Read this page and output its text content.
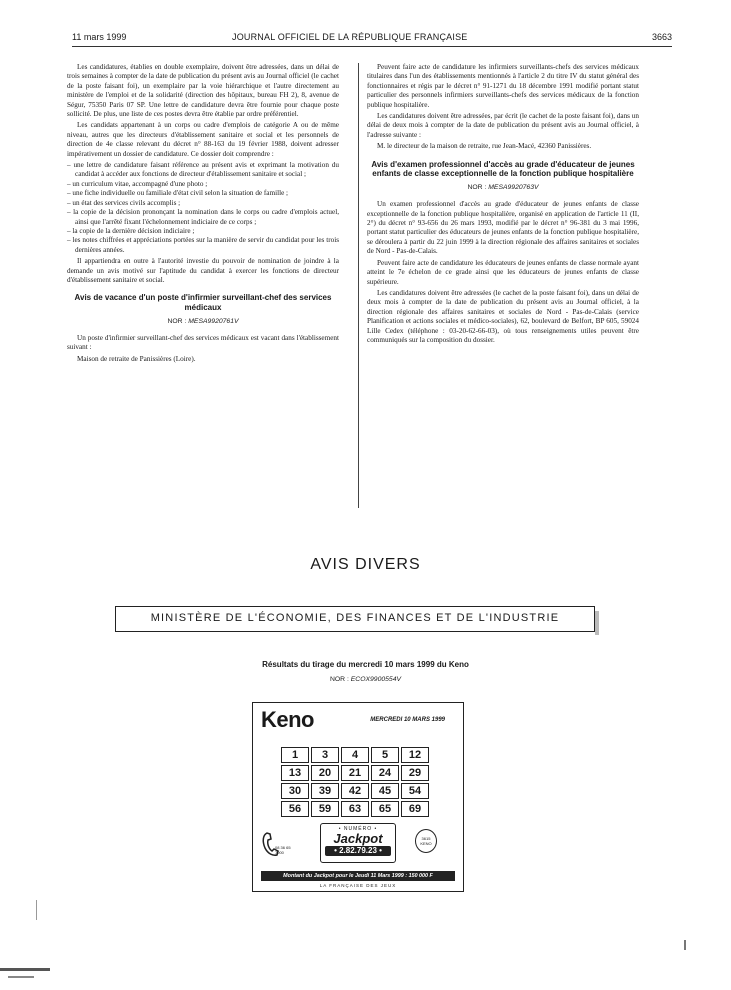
11 mars 1999	JOURNAL OFFICIEL DE LA RÉPUBLIQUE FRANÇAISE	3663

Les candidatures, établies en double exemplaire, doivent être adressées, dans un délai de trois semaines à compter de la date de publication du présent avis au Journal officiel (le cachet de la poste faisant foi), un exemplaire par la voie hiérarchique et l'autre directement au ministère de l'emploi et de la solidarité (direction des hôpitaux, bureau FH 2), 8, avenue de Ségur, 75350 Paris 07 SP. Une lettre de candidature devra être fournie pour chaque poste sollicité. De plus, une liste de ces postes devra être établie par ordre préférentiel.

Les candidats appartenant à un corps ou cadre d'emplois de catégorie A ou de même niveau, autres que les directeurs d'établissement sanitaire et social et les personnels de direction de 4e classe relevant du décret n° 88-163 du 19 février 1988, doivent adresser impérativement un dossier de candidature. Ce dossier doit comprendre :

– une lettre de candidature faisant référence au présent avis et exprimant la motivation du candidat à accéder aux fonctions de directeur d'établissement sanitaire et social ;
– un curriculum vitae, accompagné d'une photo ;
– une fiche individuelle ou familiale d'état civil selon la situation de famille ;
– un état des services civils accomplis ;
– la copie de la décision prononçant la nomination dans le corps ou cadre d'emplois actuel, ainsi que l'arrêté fixant l'échelonnement indiciaire de ce corps ;
– la copie de la dernière décision indiciaire ;
– les notes chiffrées et appréciations portées sur la manière de servir du candidat pour les trois dernières années.

Il appartiendra en outre à l'autorité investie du pouvoir de nomination de joindre à la demande un avis motivé sur l'aptitude du candidat à exercer les fonctions de directeur d'établissement sanitaire et social.

Avis de vacance d'un poste d'infirmier surveillant-chef des services médicaux
NOR : MESA9920761V

Un poste d'infirmier surveillant-chef des services médicaux est vacant dans l'établissement suivant :

Maison de retraite de Panissières (Loire).

Peuvent faire acte de candidature les infirmiers surveillants-chefs des services médicaux titulaires dans l'un des établissements mentionnés à l'article 2 du titre IV du statut général des fonctionnaires et régis par le décret n° 91-1271 du 18 décembre 1991 modifié portant statut particulier des personnels infirmiers surveillants-chefs des services médicaux de la fonction publique hospitalière.

Les candidatures doivent être adressées, par écrit (le cachet de la poste faisant foi), dans un délai de deux mois à compter de la date de publication du présent avis au Journal officiel, à l'adresse suivante :

M. le directeur de la maison de retraite, rue Jean-Macé, 42360 Panissières.

Avis d'examen professionnel d'accès au grade d'éducateur de jeunes enfants de classe exceptionnelle de la fonction publique hospitalière
NOR : MESA9920763V

Un examen professionnel d'accès au grade d'éducateur de jeunes enfants de classe exceptionnelle de la fonction publique hospitalière, organisé en application de l'article 11 (II, 2°) du décret n° 93-656 du 26 mars 1993, modifié par le décret n° 96-381 du 3 mai 1996, portant statut particulier des éducateurs de jeunes enfants de la fonction publique hospitalière, se déroulera à partir du 22 juin 1999 à la direction régionale des affaires sanitaires et sociales de Nord - Pas-de-Calais.

Peuvent faire acte de candidature les éducateurs de jeunes enfants de classe normale ayant atteint le 7e échelon de ce grade ainsi que les éducateurs de jeunes enfants de classe supérieure.

Les candidatures doivent être adressées (le cachet de la poste faisant foi), dans un délai de deux mois à compter de la date de publication du présent avis au Journal officiel, à la direction régionale des affaires sanitaires et sociales de Nord - Pas-de-Calais (service Planification et actions sociales et médico-sociales), 62, boulevard de Belfort, BP 605, 59024 Lille Cedex (téléphone : 03-20-62-66-03), où tous renseignements utiles peuvent être communiqués sur la composition du dossier.

AVIS DIVERS
MINISTÈRE DE L'ÉCONOMIE, DES FINANCES ET DE L'INDUSTRIE
Résultats du tirage du mercredi 10 mars 1999 du Keno
NOR : ECOX9900554V
Keno	MERCREDI 10 MARS 1999
1	3	4	5	12
13	20	21	24	29
30	39	42	45	54
56	59	63	65	69
08 36 65 7000
• NUMÉRO •
Jackpot
• 2.82.79.23 •
3615 KENO
Montant du Jackpot pour le Jeudi 11 Mars 1999 : 150 000 F
LA FRANÇAISE DES JEUX
